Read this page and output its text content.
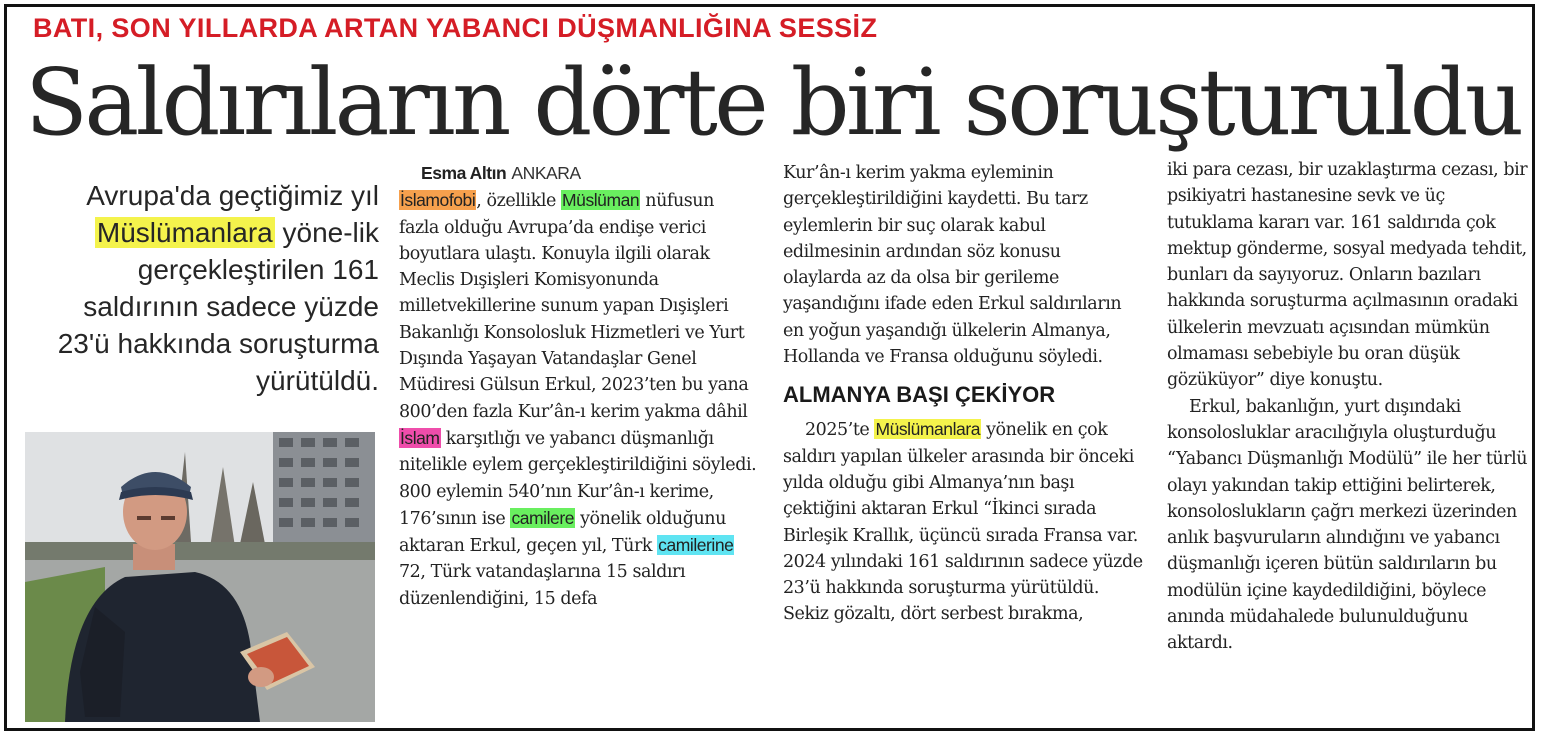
BATI, SON YILLARDA ARTAN YABANCI DÜŞMANLIĞINA SESSİZ
Saldırıların dörte biri soruşturuldu
Avrupa'da geçtiğimiz yıl Müslümanlara yöne-lik gerçekleştirilen 161 saldırının sadece yüzde 23'ü hakkında soruşturma yürütüldü.

Esma Altın ANKARA
İslamofobi, özellikle Müslüman nüfusun fazla olduğu Avrupa’da endişe verici boyutlara ulaştı. Konuyla ilgili olarak Meclis Dışişleri Komisyonunda milletvekillerine sunum yapan Dışişleri Bakanlığı Konsolosluk Hizmetleri ve Yurt Dışında Yaşayan Vatandaşlar Genel Müdiresi Gülsun Erkul, 2023’ten bu yana 800’den fazla Kur’ân-ı kerim yakma dâhil İslam karşıtlığı ve yabancı düşmanlığı nitelikle eylem gerçekleştirildiğini söyledi. 800 eylemin 540’nın Kur’ân-ı kerime, 176’sının ise camilere yönelik olduğunu aktaran Erkul, geçen yıl, Türk camilerine 72, Türk vatandaşlarına 15 saldırı düzenlendiğini, 15 defa

Kur’ân-ı kerim yakma eyleminin gerçekleştirildiğini kaydetti. Bu tarz eylemlerin bir suç olarak kabul edilmesinin ardından söz konusu olaylarda az da olsa bir gerileme yaşandığını ifade eden Erkul saldırıların en yoğun yaşandığı ülkelerin Almanya, Hollanda ve Fransa olduğunu söyledi.

ALMANYA BAŞI ÇEKİYOR

2025’te Müslümanlara yönelik en çok saldırı yapılan ülkeler arasında bir önceki yılda olduğu gibi Almanya’nın başı çektiğini aktaran Erkul “İkinci sırada Birleşik Krallık, üçüncü sırada Fransa var. 2024 yılındaki 161 saldırının sadece yüzde 23’ü hakkında soruşturma yürütüldü. Sekiz gözaltı, dört serbest bırakma,

iki para cezası, bir uzaklaştırma cezası, bir psikiyatri hastanesine sevk ve üç tutuklama kararı var. 161 saldırıda çok mektup gönderme, sosyal medyada tehdit, bunları da sayıyoruz. Onların bazıları hakkında soruşturma açılmasının oradaki ülkelerin mevzuatı açısından mümkün olmaması sebebiyle bu oran düşük gözüküyor” diye konuştu.

Erkul, bakanlığın, yurt dışındaki konsolosluklar aracılığıyla oluşturduğu “Yabancı Düşmanlığı Modülü” ile her türlü olayı yakından takip ettiğini belirterek, konsoloslukların çağrı merkezi üzerinden anlık başvuruların alındığını ve yabancı düşmanlığı içeren bütün saldırıların bu modülün içine kaydedildiğini, böylece anında müdahalede bulunulduğunu aktardı.
